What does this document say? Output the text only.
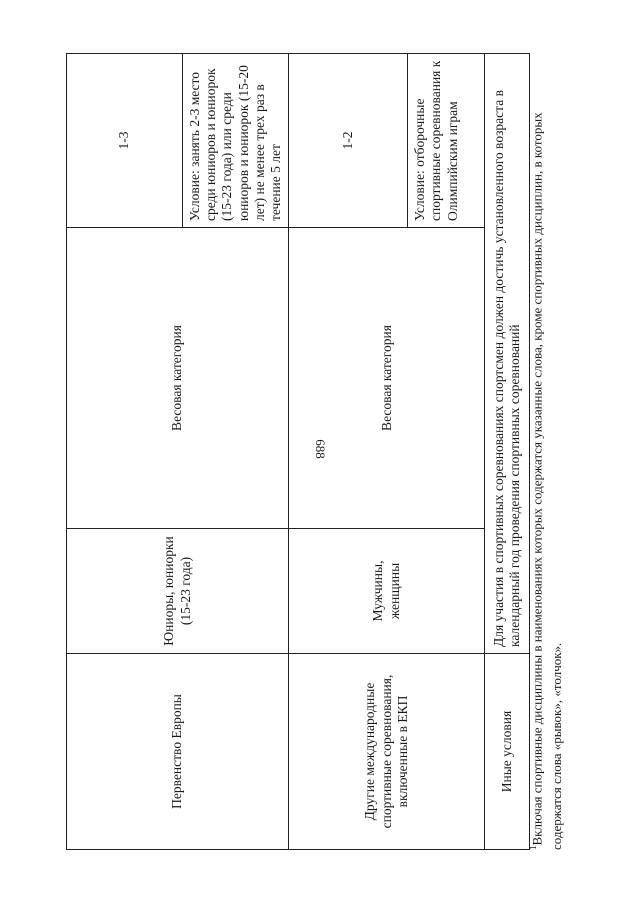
688
Первенство Европы	Юниоры, юниорки (15-23 года)	Весовая категория	1-3
			Условие: занять 2-3 место среди юниоров и юниорок (15-23 года) или среди юниоров и юниорок (15-20 лет) не менее трех раз в течение 5 лет
Другие международные спортивные соревнования, включенные в ЕКП	Мужчины, женщины	Весовая категория	1-2
			Условие: отборочные спортивные соревнования к Олимпийским играм
Иные условия	Для участия в спортивных соревнованиях спортсмен должен достичь установленного возраста в календарный год проведения спортивных соревнований		
$^1$Включая спортивные дисциплины в наименованиях которых содержатся указанные слова, кроме спортивных дисциплин, в которых содержатся слова «рывок», «толчок».
